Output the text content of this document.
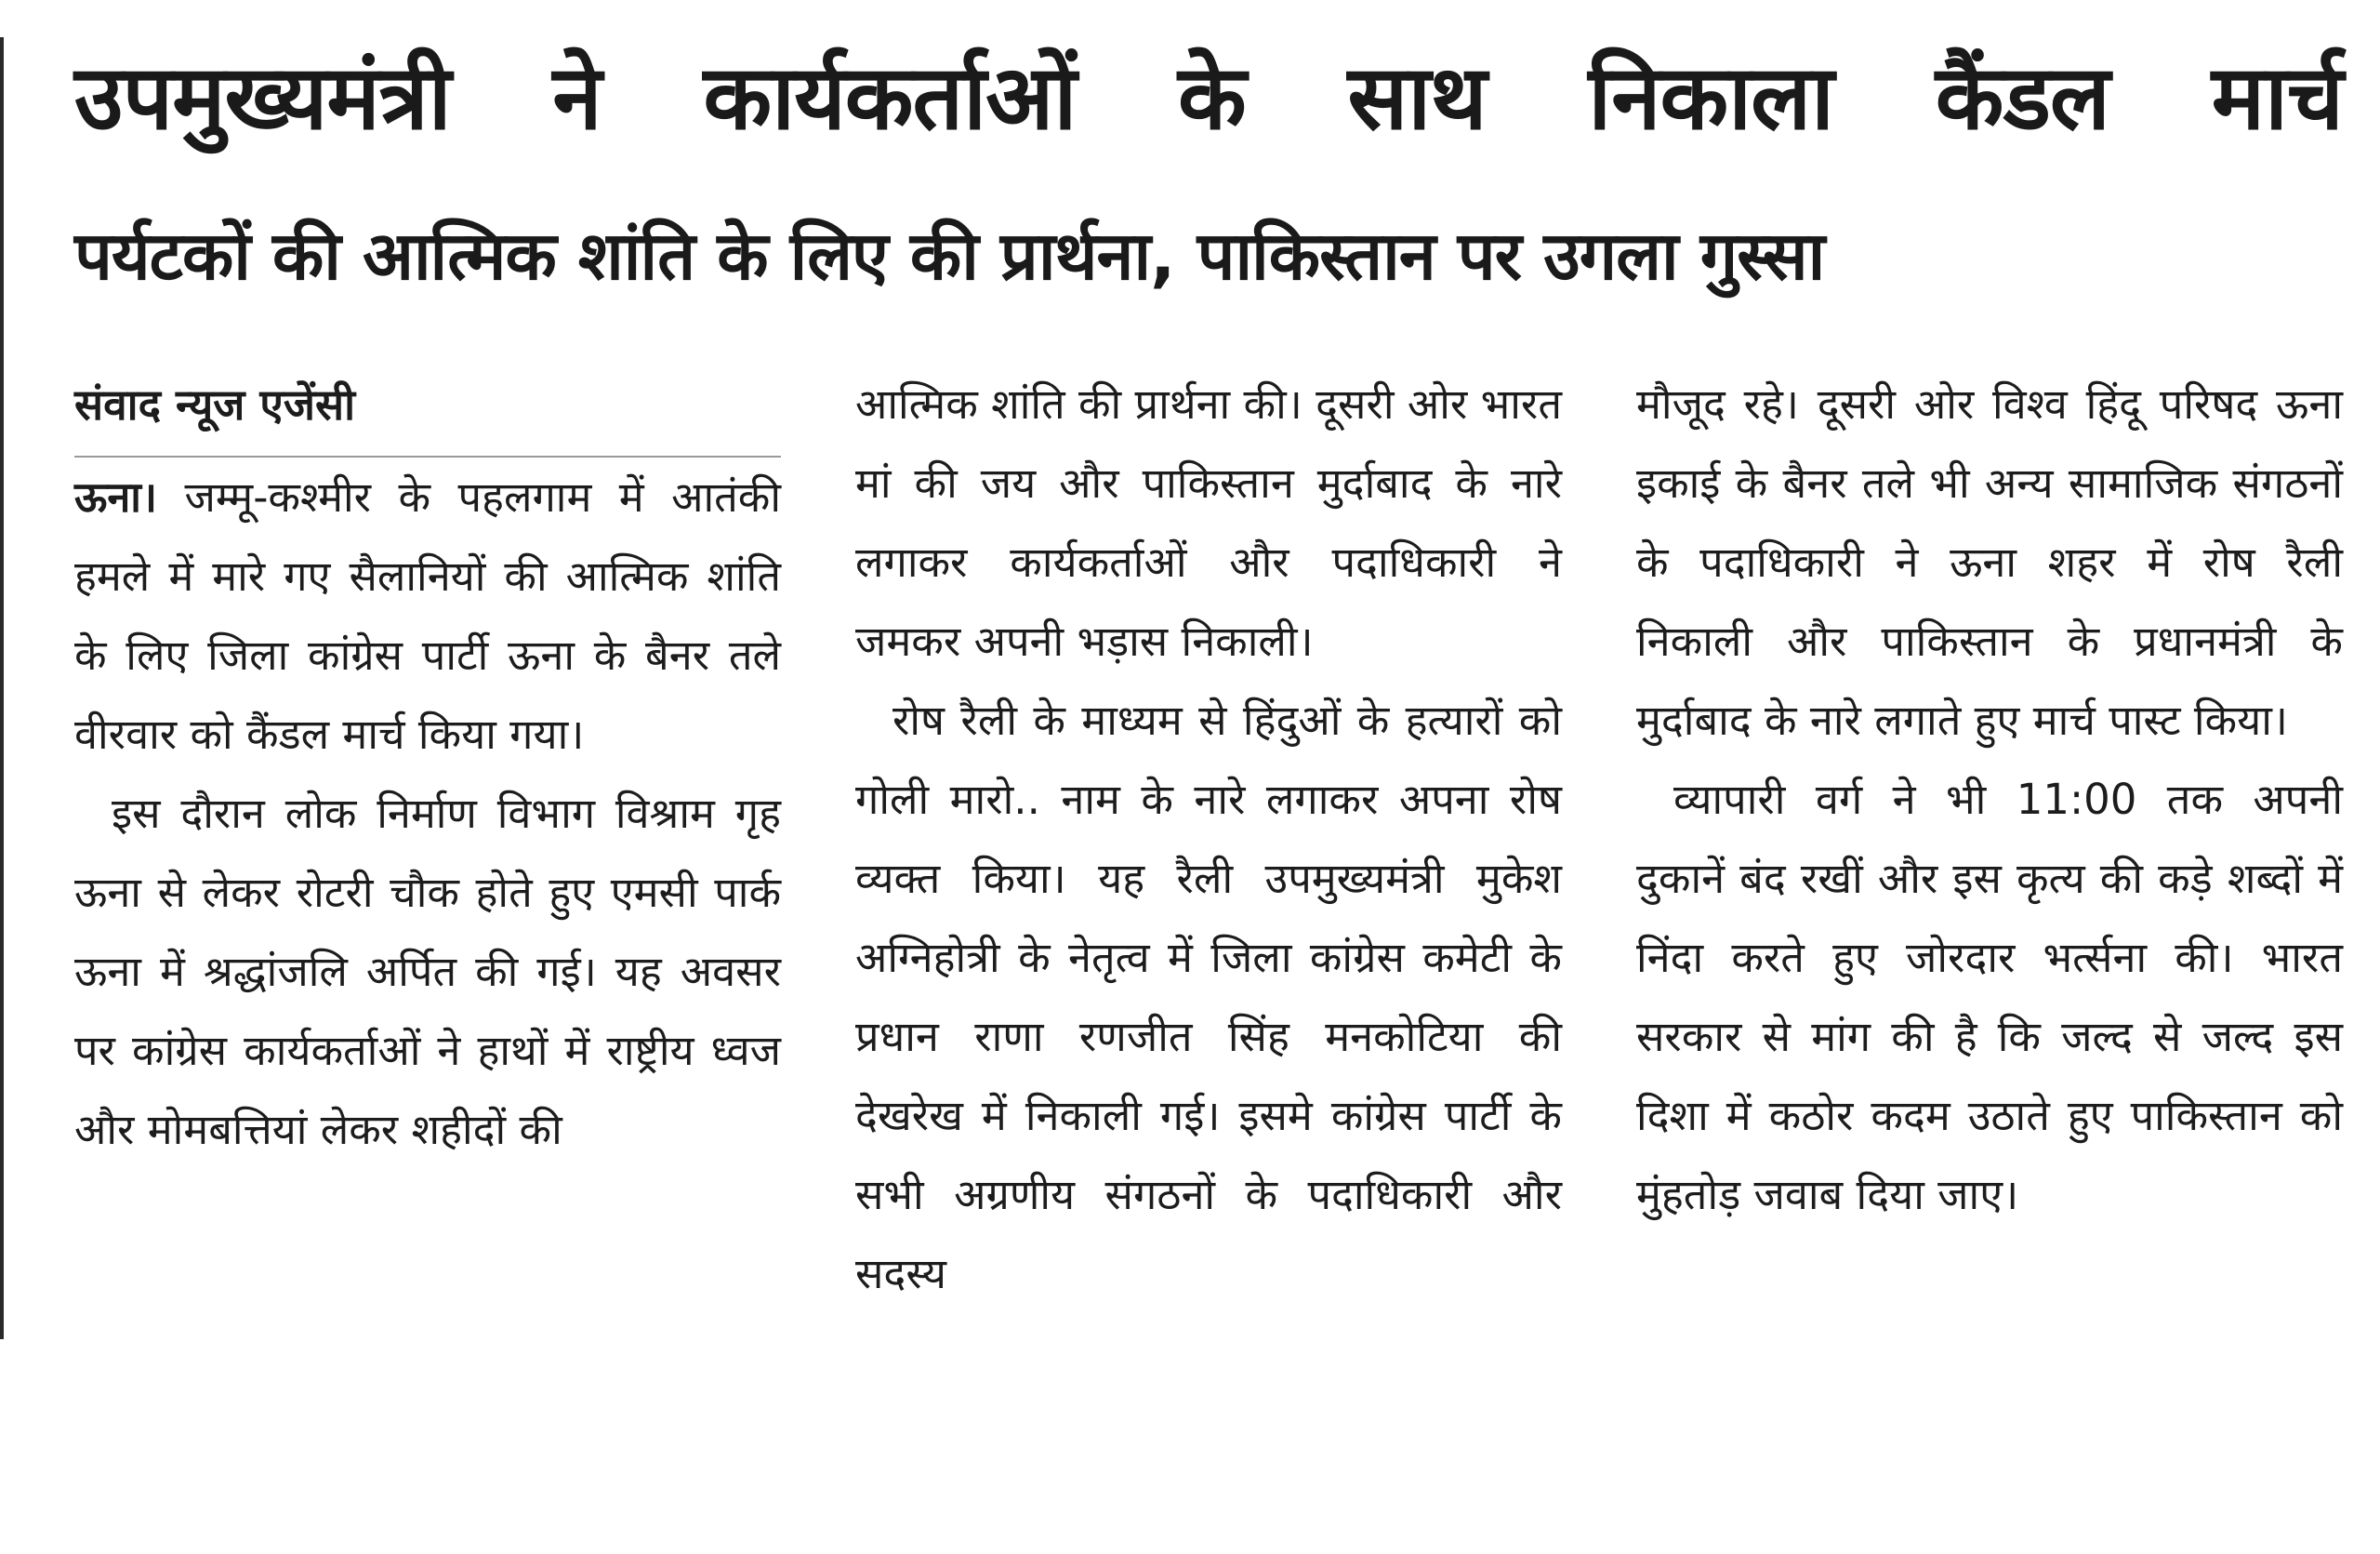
उपमुख्यमंत्री ने कार्यकर्ताओं के साथ निकाला कैंडल मार्च
पर्यटकों की आत्मिक शांति के लिए की प्रार्थना, पाकिस्तान पर उगला गुस्सा

संवाद न्यूज एजेंसी

ऊना। जम्मू-कश्मीर के पहलगाम में आतंकी हमले में मारे गए सैलानियों की आत्मिक शांति के लिए जिला कांग्रेस पार्टी ऊना के बैनर तले वीरवार को कैंडल मार्च किया गया।

इस दौरान लोक निर्माण विभाग विश्राम गृह ऊना से लेकर रोटरी चौक होते हुए एमसी पार्क ऊना में श्रद्धांजलि अर्पित की गई। यह अवसर पर कांग्रेस कार्यकर्ताओं ने हाथों में राष्ट्रीय ध्वज और मोमबत्तियां लेकर शहीदों की

आत्मिक शांति की प्रार्थना की। दूसरी ओर भारत मां की जय और पाकिस्तान मुर्दाबाद के नारे लगाकर कार्यकर्ताओं और पदाधिकारी ने जमकर अपनी भड़ास निकाली।

रोष रैली के माध्यम से हिंदुओं के हत्यारों को गोली मारो.. नाम के नारे लगाकर अपना रोष व्यक्त किया। यह रैली उपमुख्यमंत्री मुकेश अग्निहोत्री के नेतृत्व में जिला कांग्रेस कमेटी के प्रधान राणा रणजीत सिंह मनकोटिया की देखरेख में निकाली गई। इसमे कांग्रेस पार्टी के सभी अग्रणीय संगठनों के पदाधिकारी और सदस्य

मौजूद रहे। दूसरी ओर विश्व हिंदू परिषद ऊना इकाई के बैनर तले भी अन्य सामाजिक संगठनों के पदाधिकारी ने ऊना शहर में रोष रैली निकाली और पाकिस्तान के प्रधानमंत्री के मुर्दाबाद के नारे लगाते हुए मार्च पास्ट किया।

व्यापारी वर्ग ने भी 11:00 तक अपनी दुकानें बंद रखीं और इस कृत्य की कड़े शब्दों में निंदा करते हुए जोरदार भर्त्सना की। भारत सरकार से मांग की है कि जल्द से जल्द इस दिशा में कठोर कदम उठाते हुए पाकिस्तान को मुंहतोड़ जवाब दिया जाए।
